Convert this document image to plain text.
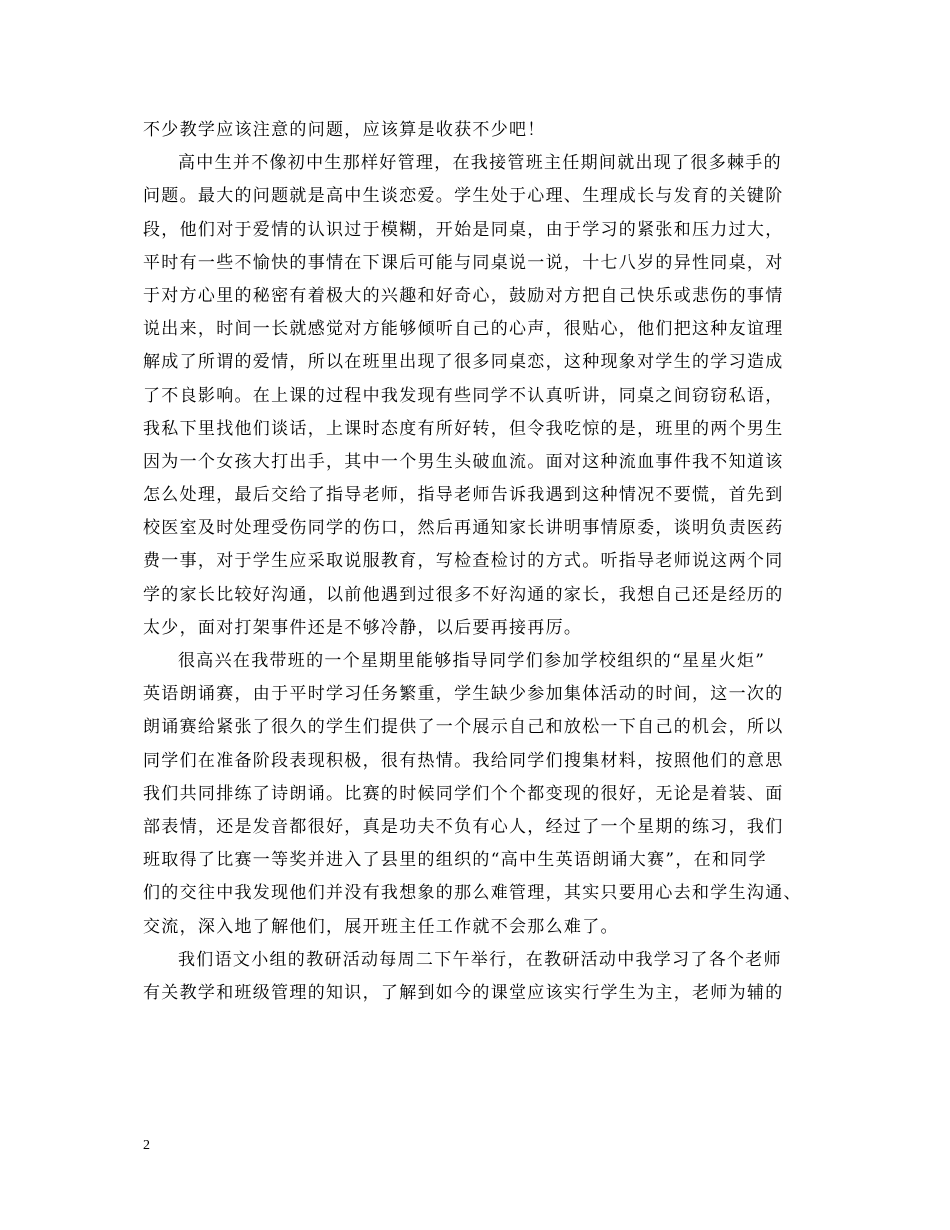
不少教学应该注意的问题，应该算是收获不少吧！
高中生并不像初中生那样好管理，在我接管班主任期间就出现了很多棘手的
问题。最大的问题就是高中生谈恋爱。学生处于心理、生理成长与发育的关键阶
段，他们对于爱情的认识过于模糊，开始是同桌，由于学习的紧张和压力过大，
平时有一些不愉快的事情在下课后可能与同桌说一说，十七八岁的异性同桌，对
于对方心里的秘密有着极大的兴趣和好奇心，鼓励对方把自己快乐或悲伤的事情
说出来，时间一长就感觉对方能够倾听自己的心声，很贴心，他们把这种友谊理
解成了所谓的爱情，所以在班里出现了很多同桌恋，这种现象对学生的学习造成
了不良影响。在上课的过程中我发现有些同学不认真听讲，同桌之间窃窃私语，
我私下里找他们谈话，上课时态度有所好转，但令我吃惊的是，班里的两个男生
因为一个女孩大打出手，其中一个男生头破血流。面对这种流血事件我不知道该
怎么处理，最后交给了指导老师，指导老师告诉我遇到这种情况不要慌，首先到
校医室及时处理受伤同学的伤口，然后再通知家长讲明事情原委，谈明负责医药
费一事，对于学生应采取说服教育，写检查检讨的方式。听指导老师说这两个同
学的家长比较好沟通，以前他遇到过很多不好沟通的家长，我想自己还是经历的
太少，面对打架事件还是不够冷静，以后要再接再厉。
很高兴在我带班的一个星期里能够指导同学们参加学校组织的“星星火炬”
英语朗诵赛，由于平时学习任务繁重，学生缺少参加集体活动的时间，这一次的
朗诵赛给紧张了很久的学生们提供了一个展示自己和放松一下自己的机会，所以
同学们在准备阶段表现积极，很有热情。我给同学们搜集材料，按照他们的意思
我们共同排练了诗朗诵。比赛的时候同学们个个都变现的很好，无论是着装、面
部表情，还是发音都很好，真是功夫不负有心人，经过了一个星期的练习，我们
班取得了比赛一等奖并进入了县里的组织的“高中生英语朗诵大赛”，在和同学
们的交往中我发现他们并没有我想象的那么难管理，其实只要用心去和学生沟通、
交流，深入地了解他们，展开班主任工作就不会那么难了。
我们语文小组的教研活动每周二下午举行，在教研活动中我学习了各个老师
有关教学和班级管理的知识，了解到如今的课堂应该实行学生为主，老师为辅的
2
